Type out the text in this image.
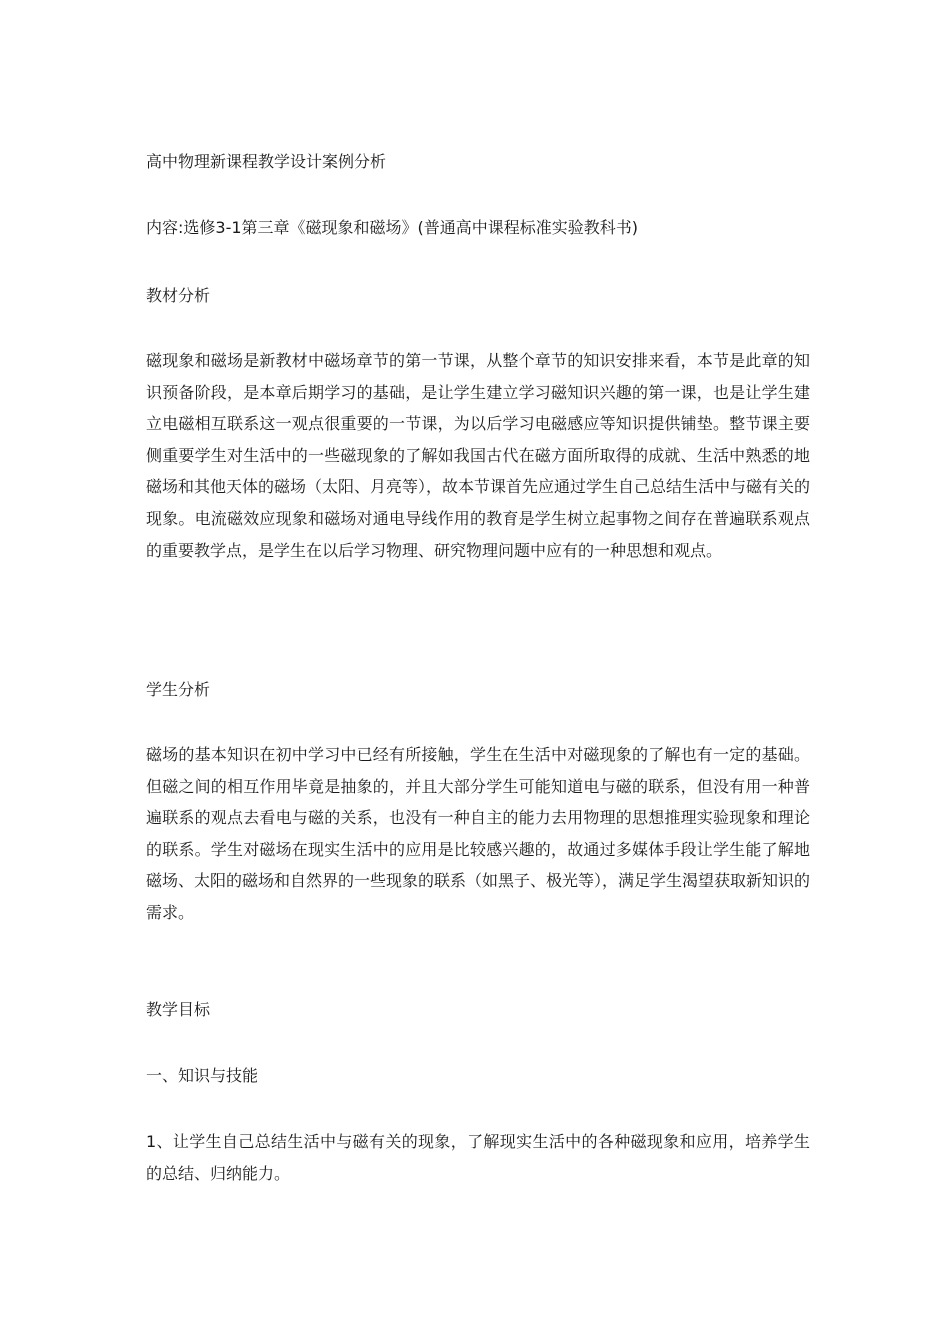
高中物理新课程教学设计案例分析
内容:选修3-1第三章《磁现象和磁场》(普通高中课程标准实验教科书)
教材分析
磁现象和磁场是新教材中磁场章节的第一节课，从整个章节的知识安排来看，本节是此章的知识预备阶段，是本章后期学习的基础，是让学生建立学习磁知识兴趣的第一课，也是让学生建立电磁相互联系这一观点很重要的一节课，为以后学习电磁感应等知识提供铺垫。整节课主要侧重要学生对生活中的一些磁现象的了解如我国古代在磁方面所取得的成就、生活中熟悉的地磁场和其他天体的磁场（太阳、月亮等），故本节课首先应通过学生自己总结生活中与磁有关的现象。电流磁效应现象和磁场对通电导线作用的教育是学生树立起事物之间存在普遍联系观点的重要教学点，是学生在以后学习物理、研究物理问题中应有的一种思想和观点。
学生分析
磁场的基本知识在初中学习中已经有所接触，学生在生活中对磁现象的了解也有一定的基础。但磁之间的相互作用毕竟是抽象的，并且大部分学生可能知道电与磁的联系，但没有用一种普遍联系的观点去看电与磁的关系，也没有一种自主的能力去用物理的思想推理实验现象和理论的联系。学生对磁场在现实生活中的应用是比较感兴趣的，故通过多媒体手段让学生能了解地磁场、太阳的磁场和自然界的一些现象的联系（如黑子、极光等），满足学生渴望获取新知识的需求。
教学目标
一、知识与技能
1、让学生自己总结生活中与磁有关的现象，了解现实生活中的各种磁现象和应用，培养学生的总结、归纳能力。
